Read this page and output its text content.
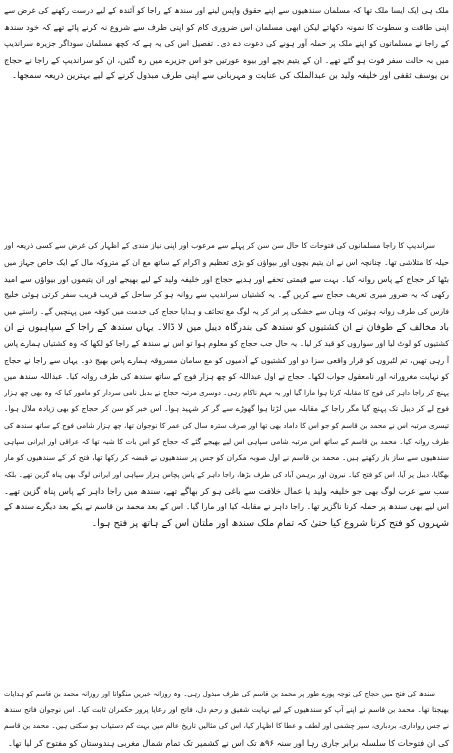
ملک ہی ایک ایسا ملک تھا کہ مسلمان سندھیوں سے اپنے حقوق واپس لینے اور سندھ کے راجا کو آئندہ کے لیے درست رکھنے کی غرض سے

اپنی طاقت و سطوت کا نمونہ دکھاتے لیکن ابھی مسلمان اس ضروری کام کو اپنی طرف سے شروع نہ کرنے پائے تھے کہ خود سندھ

کے راجا نے مسلمانوں کو اپنے ملک پر حملہ آور ہونے کی دعوت دے دی۔ تفصیل اس کی یہ ہے کہ کچھ مسلمان سوداگر جزیرہ سراندیپ

میں بہ حالت سفر فوت ہو گئے تھے۔ ان کے یتیم بچے اور بیوہ عورتیں جو اس جزیرے میں رہ گئیں، ان کو سراندیپ کے راجا نے حجاج

بن یوسف ثقفی اور خلیفہ ولید بن عبدالملک کی عنایت و مہربانی سے اپنی طرف مبذول کرنے کے لیے بہترین ذریعہ سمجھا۔

سراندیپ کا راجا مسلمانوں کی فتوحات کا حال سن سن کر پہلے سے مرعوب اور اپنی نیاز مندی کے اظہار کی غرض سے کسی ذریعہ اور

حیلہ کا متلاشی تھا۔ چنانچہ اس نے ان یتیم بچوں اور بیواؤں کو بڑی تعظیم و اکرام کے ساتھ مع ان کے متروکہ مال کے ایک خاص جہاز میں

بٹھا کر حجاج کے پاس روانہ کیا۔ بہت سے قیمتی تحفے اور ہدیے حجاج اور خلیفہ ولید کے لیے بھیجے اور ان یتیموں اور بیواؤں سے امید

رکھی کہ یہ ضرور میری تعریف حجاج سے کریں گے۔ یہ کشتیاں سراندیپ سے روانہ ہو کر ساحل کے قریب قریب سفر کرتی ہوئی خلیج

فارس کی طرف روانہ ہوئیں کہ وہاں سے خشکی پر اتر کر یہ لوگ مع تحائف و ہدایا حجاج کی خدمت میں کوفہ میں پہنچیں گے۔ راستے میں

باد مخالف کے طوفان نے ان کشتیوں کو سندھ کی بندرگاہ دیبل میں لا ڈالا۔ یہاں سندھ کے راجا کے سپاہیوں نے ان

کشتیوں کو لوٹ لیا اور سواروں کو قید کر لیا۔ یہ حال جب حجاج کو معلوم ہوا تو اس نے سندھ کے راجا کو لکھا کہ وہ کشتیاں ہمارے پاس

آ رہی تھیں، تم لٹیروں کو قرار واقعی سزا دو اور کشتیوں کے آدمیوں کو مع سامان مسروقہ ہمارے پاس بھیج دو۔ یہاں سے راجا نے حجاج

کو نہایت مغرورانہ اور نامعقول جواب لکھا۔ حجاج نے اول عبداللہ کو چھ ہزار فوج کے ساتھ سندھ کی طرف روانہ کیا۔ عبداللہ سندھ میں

پہنچ کر راجا داہر کی فوج کا مقابلہ کرتا ہوا مارا گیا اور یہ مہم ناکام رہی۔ دوسری مرتبہ حجاج نے بدیل نامی سردار کو مامور کیا کہ وہ بھی چھ ہزار

فوج لے کر دیبل تک پہنچ گیا مگر راجا کے مقابلہ میں لڑتا ہوا گھوڑے سے گر کر شہید ہوا۔ اس خبر کو سن کر حجاج کو بھی زیادہ ملال ہوا۔

تیسری مرتبہ اس نے محمد بن قاسم کو جو اس کا داماد بھی تھا اور صرف سترہ سال کی عمر کا نوجوان تھا، چھ ہزار شامی فوج کے ساتھ سندھ کی

طرف روانہ کیا۔ محمد بن قاسم کے ساتھ اس مرتبہ شامی سپاہی اس لیے بھیجے گئے کہ حجاج کو اس بات کا شبہ تھا کہ عراقی اور ایرانی سپاہی

سندھیوں سے ساز باز رکھتے ہیں۔ محمد بن قاسم نے اول صوبہ مکران کو جس پر سندھیوں نے قبضہ کر رکھا تھا، فتح کر کے سندھیوں کو مار

بھگایا، دیبل پر آیا، اس کو فتح کیا۔ نیرون اور برہمن آباد کی طرف بڑھا، راجا داہر کے پاس پچاس ہزار سپاہی اور ایرانی لوگ بھی پناہ گزین تھے۔ بلکہ

سب سے عرب لوگ بھی جو خلیفہ ولید یا عمال خلافت سے باغی ہو کر بھاگے تھے، سندھ میں راجا داہر کے پاس پناہ گزین تھے۔

اس لیے بھی سندھ پر حملہ کرنا ناگزیر تھا۔ راجا داہر نے مقابلہ کیا اور مارا گیا۔ اس کے بعد محمد بن قاسم نے یکے بعد دیگرے سندھ کے

شہروں کو فتح کرنا شروع کیا حتیٰ کہ تمام ملک سندھ اور ملتان اس کے ہاتھ پر فتح ہوا۔

سندھ کی فتح میں حجاج کی توجہ پورے طور پر محمد بن قاسم کی طرف مبذول رہی۔ وہ روزانہ خبریں منگواتا اور روزانہ محمد بن قاسم کو ہدایات

بھیجتا تھا۔ محمد بن قاسم نے اپنے آپ کو سندھیوں کے لیے نہایت شفیق و رحم دل، فاتح اور رعایا پرور حکمران ثابت کیا۔ اس نوجوان فاتح سندھ

نے جس رواداری، بردباری، سیر چشمی اور لطف و عطا کا اظہار کیا، اس کی مثالیں تاریخ عالم میں بہت کم دستیاب ہو سکتی ہیں۔ محمد بن قاسم

کی ان فتوحات کا سلسلہ برابر جاری رہا اور سنہ ۹۶ھ تک اس نے کشمیر تک تمام شمال مغربی ہندوستان کو مفتوح کر لیا تھا۔
